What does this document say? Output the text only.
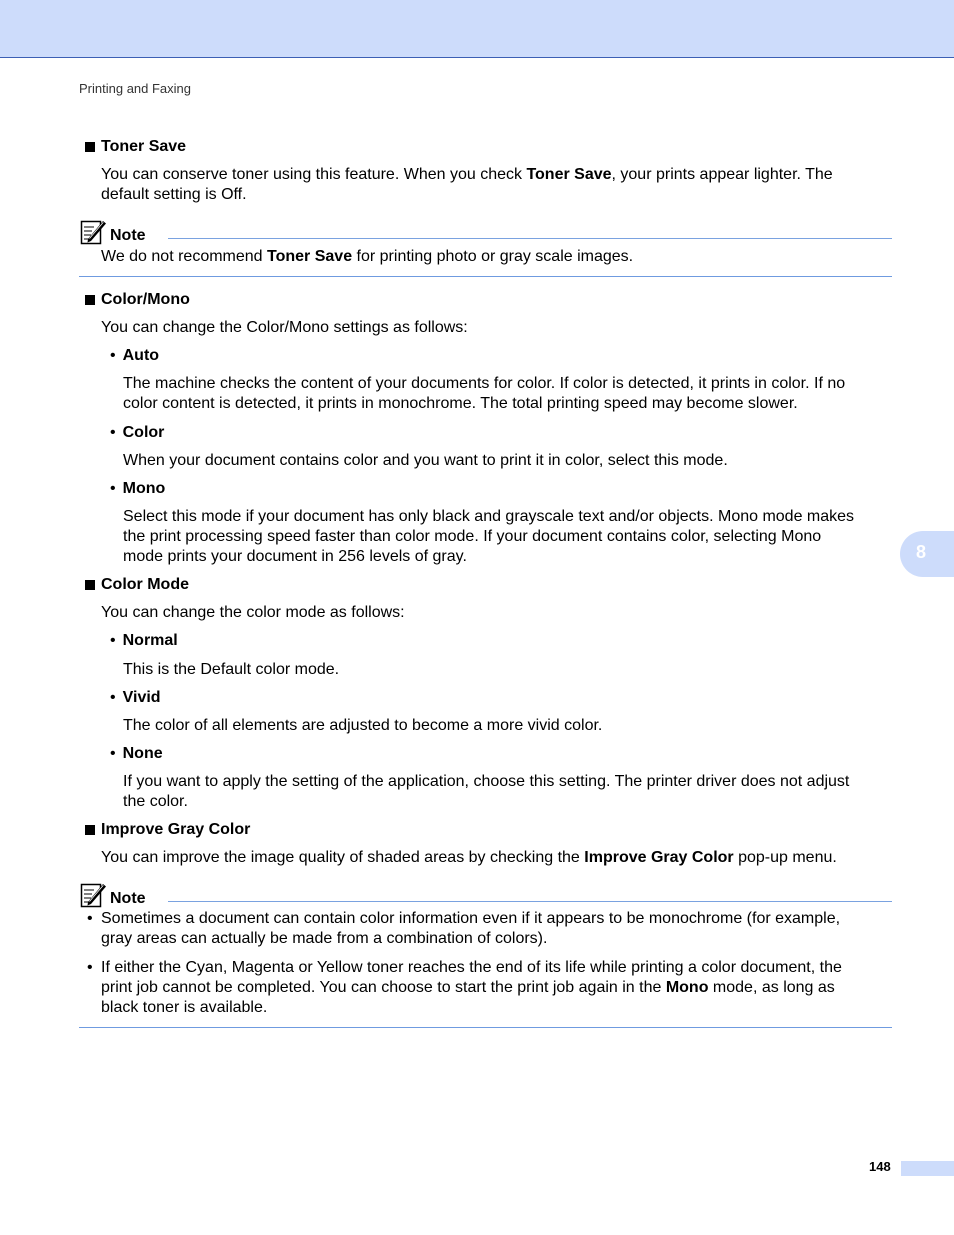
Printing and Faxing
Toner Save
You can conserve toner using this feature. When you check Toner Save, your prints appear lighter. The
default setting is Off.
Note
We do not recommend Toner Save for printing photo or gray scale images.
Color/Mono
You can change the Color/Mono settings as follows:
• Auto
The machine checks the content of your documents for color. If color is detected, it prints in color. If no
color content is detected, it prints in monochrome. The total printing speed may become slower.
• Color
When your document contains color and you want to print it in color, select this mode.
• Mono
Select this mode if your document has only black and grayscale text and/or objects. Mono mode makes
the print processing speed faster than color mode. If your document contains color, selecting Mono
mode prints your document in 256 levels of gray.
Color Mode
You can change the color mode as follows:
• Normal
This is the Default color mode.
• Vivid
The color of all elements are adjusted to become a more vivid color.
• None
If you want to apply the setting of the application, choose this setting. The printer driver does not adjust
the color.
Improve Gray Color
You can improve the image quality of shaded areas by checking the Improve Gray Color pop-up menu.
Note
• Sometimes a document can contain color information even if it appears to be monochrome (for example,
gray areas can actually be made from a combination of colors).
• If either the Cyan, Magenta or Yellow toner reaches the end of its life while printing a color document, the
print job cannot be completed. You can choose to start the print job again in the Mono mode, as long as
black toner is available.
8
148
